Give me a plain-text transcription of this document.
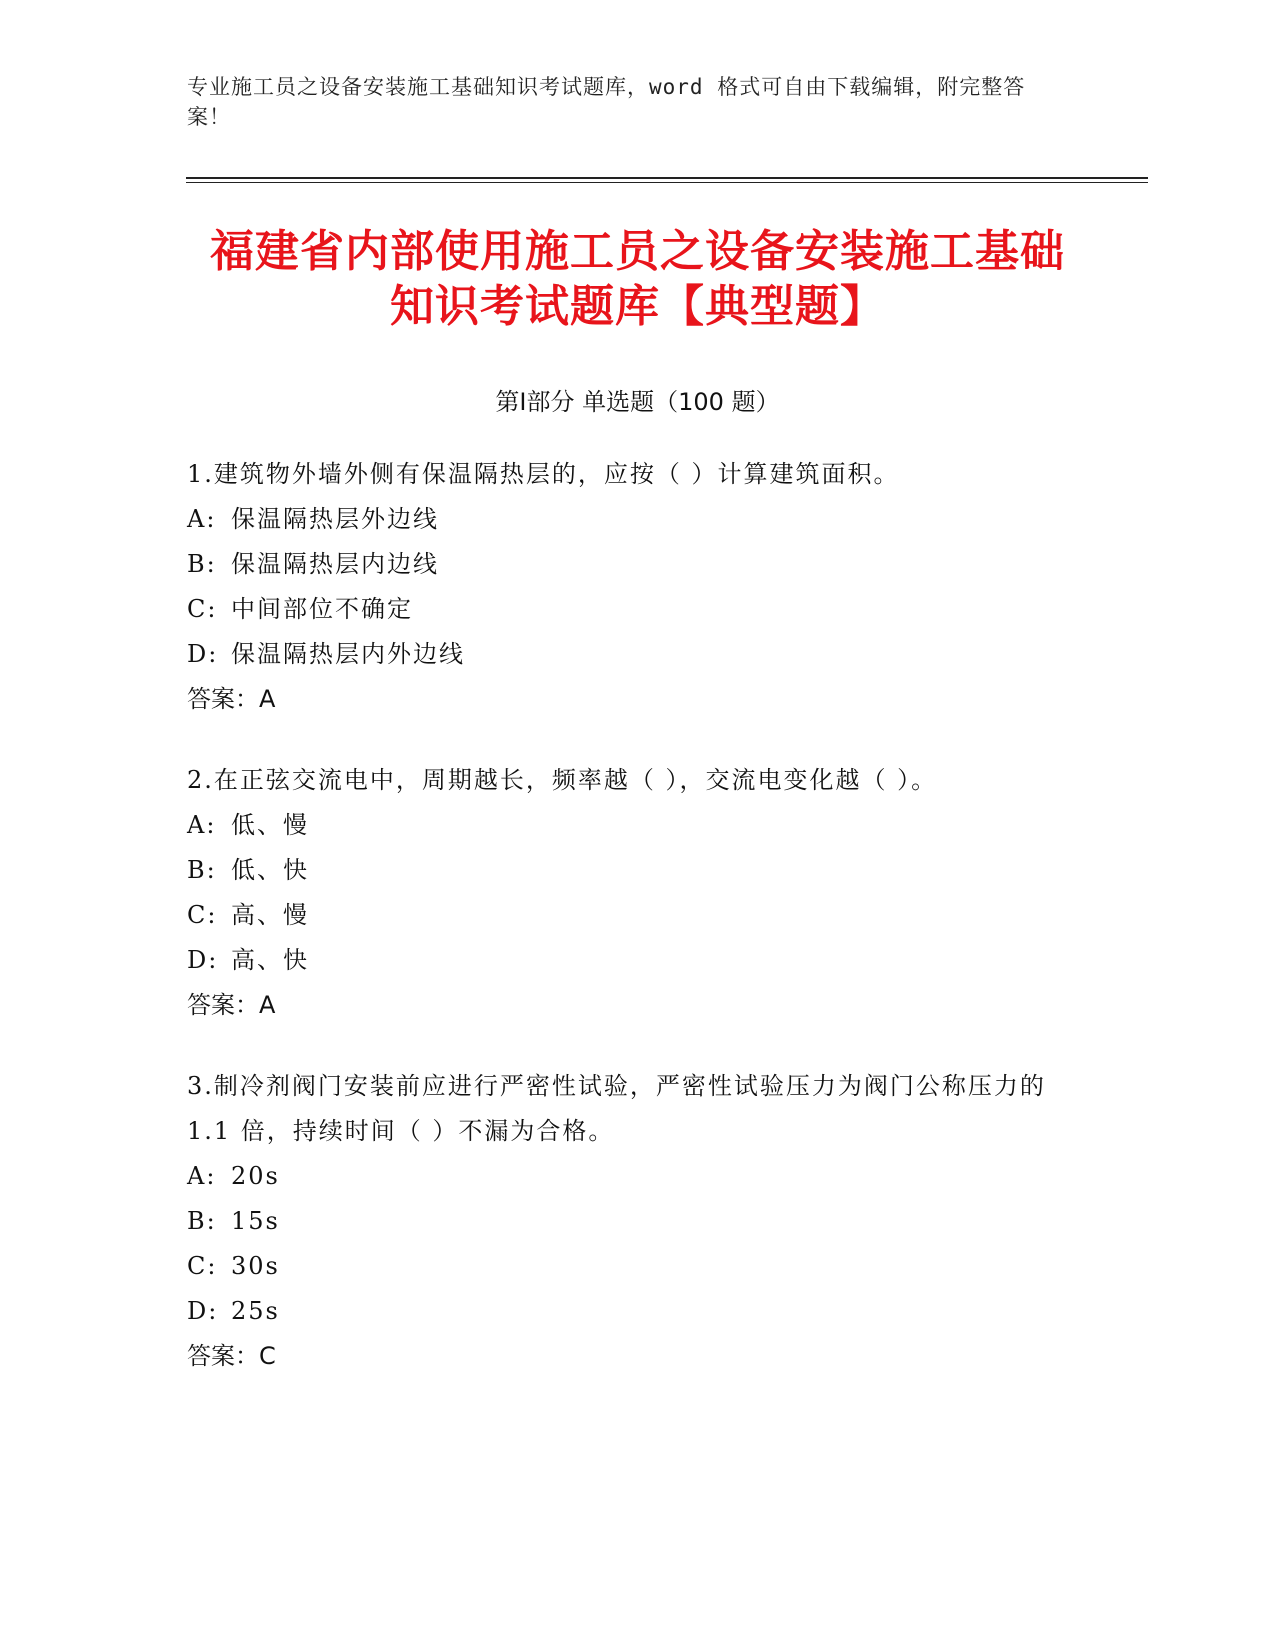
专业施工员之设备安装施工基础知识考试题库，word 格式可自由下载编辑，附完整答案！
福建省内部使用施工员之设备安装施工基础
知识考试题库【典型题】
第Ⅰ部分 单选题（100 题）
1.建筑物外墙外侧有保温隔热层的，应按（ ）计算建筑面积。
A: 保温隔热层外边线
B: 保温隔热层内边线
C: 中间部位不确定
D: 保温隔热层内外边线
答案：A
2.在正弦交流电中，周期越长，频率越（ ），交流电变化越（ ）。
A: 低、慢
B: 低、快
C: 高、慢
D: 高、快
答案：A
3.制冷剂阀门安装前应进行严密性试验，严密性试验压力为阀门公称压力的 1.1 倍，持续时间（ ）不漏为合格。
A: 20s
B: 15s
C: 30s
D: 25s
答案：C
